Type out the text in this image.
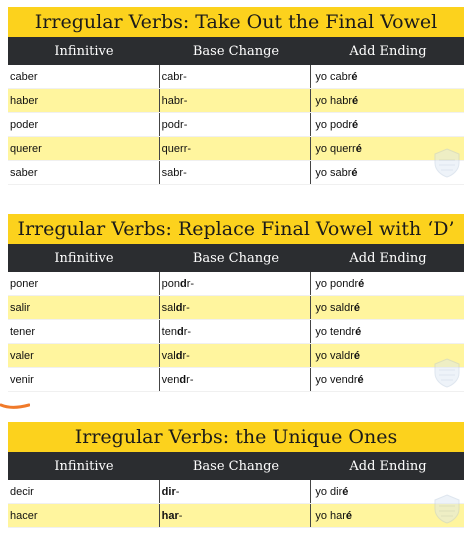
Irregular Verbs: Take Out the Final Vowel
Infinitive	Base Change	Add Ending
caber	cabr-	yo cabr é
haber	habr-	yo habr é
poder	podr-	yo podr é
querer	querr-	yo querr é
saber	sabr-	yo sabr é
Irregular Verbs: Replace Final Vowel with ‘D’
Infinitive	Base Change	Add Ending
poner	pon d r-	yo pondr é
salir	sal d r-	yo saldr é
tener	ten d r-	yo tendr é
valer	val d r-	yo valdr é
venir	ven d r-	yo vendr é
Irregular Verbs: the Unique Ones
Infinitive	Base Change	Add Ending
decir	dir -	yo dir é
hacer	har -	yo har é
